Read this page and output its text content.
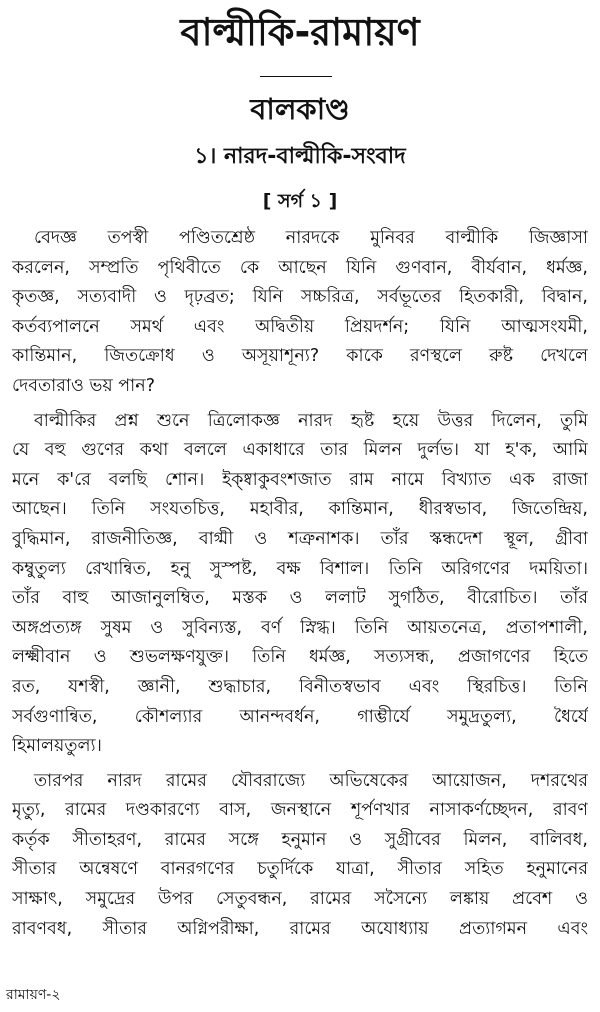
বাল্মীকি-রামায়ণ
বালকাণ্ড
১। নারদ-বাল্মীকি-সংবাদ
[ সর্গ ১ ]
বেদজ্ঞ তপস্বী পণ্ডিতশ্রেষ্ঠ নারদকে মুনিবর বাল্মীকি জিজ্ঞাসা
করলেন, সম্প্রতি পৃথিবীতে কে আছেন যিনি গুণবান, বীর্যবান, ধর্মজ্ঞ,
কৃতজ্ঞ, সত্যবাদী ও দৃঢ়ব্রত; যিনি সচ্চরিত্র, সর্বভূতের হিতকারী, বিদ্বান,
কর্তব্যপালনে সমর্থ এবং অদ্বিতীয় প্রিয়দর্শন; যিনি আত্মসংযমী,
কান্তিমান, জিতক্রোধ ও অসূয়াশূন্য? কাকে রণস্থলে রুষ্ট দেখলে
দেবতারাও ভয় পান?
বাল্মীকির প্রশ্ন শুনে ত্রিলোকজ্ঞ নারদ হৃষ্ট হয়ে উত্তর দিলেন, তুমি
যে বহু গুণের কথা বললে একাধারে তার মিলন দুর্লভ। যা হ'ক, আমি
মনে ক'রে বলছি শোন। ইক্ষ্বাকুবংশজাত রাম নামে বিখ্যাত এক রাজা
আছেন। তিনি সংযতচিত্ত, মহাবীর, কান্তিমান, ধীরস্বভাব, জিতেন্দ্রিয়,
বুদ্ধিমান, রাজনীতিজ্ঞ, বাগ্মী ও শত্রুনাশক। তাঁর স্কন্ধদেশ স্থূল, গ্রীবা
কম্বুতুল্য রেখান্বিত, হনু সুস্পষ্ট, বক্ষ বিশাল। তিনি অরিগণের দময়িতা।
তাঁর বাহু আজানুলম্বিত, মস্তক ও ললাট সুগঠিত, বীরোচিত। তাঁর
অঙ্গপ্রত্যঙ্গ সুষম ও সুবিন্যস্ত, বর্ণ স্নিগ্ধ। তিনি আয়তনেত্র, প্রতাপশালী,
লক্ষ্মীবান ও শুভলক্ষণযুক্ত। তিনি ধর্মজ্ঞ, সত্যসন্ধ, প্রজাগণের হিতে
রত, যশস্বী, জ্ঞানী, শুদ্ধাচার, বিনীতস্বভাব এবং স্থিরচিত্ত। তিনি
সর্বগুণান্বিত, কৌশল্যার আনন্দবর্ধন, গাম্ভীর্যে সমুদ্রতুল্য, ধৈর্যে
হিমালয়তুল্য।
তারপর নারদ রামের যৌবরাজ্যে অভিষেকের আয়োজন, দশরথের
মৃত্যু, রামের দণ্ডকারণ্যে বাস, জনস্থানে শূর্পণখার নাসাকর্ণচ্ছেদন, রাবণ
কর্তৃক সীতাহরণ, রামের সঙ্গে হনুমান ও সুগ্রীবের মিলন, বালিবধ,
সীতার অন্বেষণে বানরগণের চতুর্দিকে যাত্রা, সীতার সহিত হনুমানের
সাক্ষাৎ, সমুদ্রের উপর সেতুবন্ধন, রামের সসৈন্যে লঙ্কায় প্রবেশ ও
রাবণবধ, সীতার অগ্নিপরীক্ষা, রামের অযোধ্যায় প্রত্যাগমন এবং
রামায়ণ-২
